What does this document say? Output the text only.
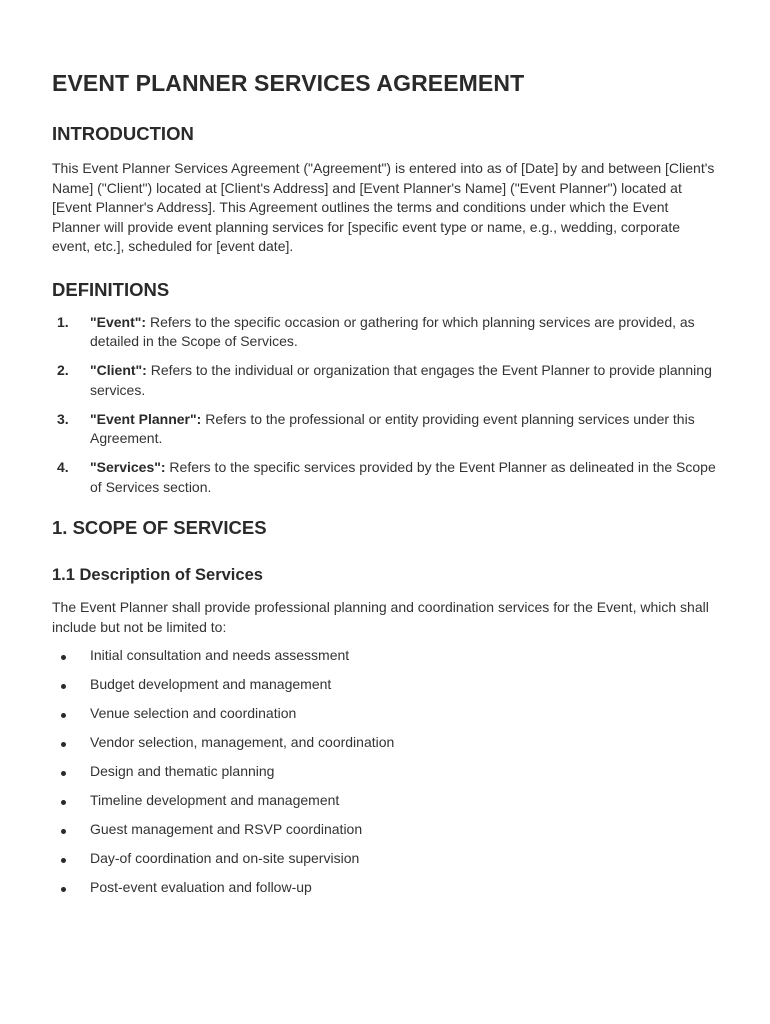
EVENT PLANNER SERVICES AGREEMENT
INTRODUCTION

This Event Planner Services Agreement ("Agreement") is entered into as of [Date] by and between [Client's Name] ("Client") located at [Client's Address] and [Event Planner's Name] ("Event Planner") located at [Event Planner's Address]. This Agreement outlines the terms and conditions under which the Event Planner will provide event planning services for [specific event type or name, e.g., wedding, corporate event, etc.], scheduled for [event date].

DEFINITIONS
1. "Event": Refers to the specific occasion or gathering for which planning services are provided, as detailed in the Scope of Services.
2. "Client": Refers to the individual or organization that engages the Event Planner to provide planning services.
3. "Event Planner": Refers to the professional or entity providing event planning services under this Agreement.
4. "Services": Refers to the specific services provided by the Event Planner as delineated in the Scope of Services section.
1. SCOPE OF SERVICES
1.1 Description of Services

The Event Planner shall provide professional planning and coordination services for the Event, which shall include but not be limited to:

Initial consultation and needs assessment
Budget development and management
Venue selection and coordination
Vendor selection, management, and coordination
Design and thematic planning
Timeline development and management
Guest management and RSVP coordination
Day-of coordination and on-site supervision
Post-event evaluation and follow-up
